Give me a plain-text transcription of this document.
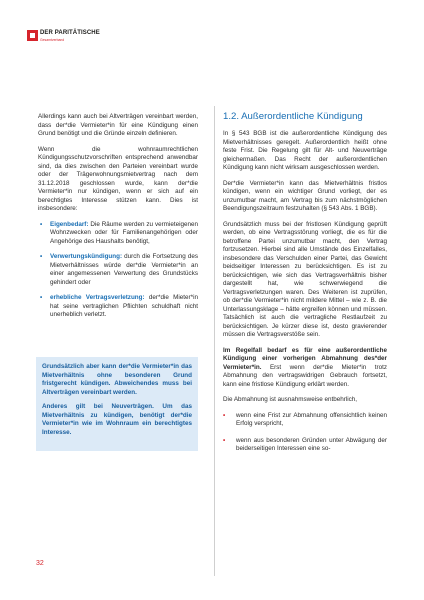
DER PARITÄTISCHE
Gesamtverband

Allerdings kann auch bei Altverträgen vereinbart werden, dass der*die Vermieter*in für eine Kündigung einen Grund benötigt und die Gründe einzeln definieren.

Wenn die wohnraumrechtlichen Kündigungsschutzvorschriften entsprechend anwendbar sind, da dies zwischen den Parteien vereinbart wurde oder der Trägerwohnungsmietvertrag nach dem 31.12.2018 geschlossen wurde, kann der*die Vermieter*in nur kündigen, wenn er sich auf ein berechtigtes Interesse stützen kann. Dies ist insbesondere:

• Eigenbedarf: Die Räume werden zu vermieteigenen Wohnzwecken oder für Familienangehörigen oder Angehörige des Haushalts benötigt,
• Verwertungskündigung: durch die Fortsetzung des Mietverhältnisses würde der*die Vermieter*in an einer angemessenen Verwertung des Grundstücks gehindert oder
• erhebliche Vertragsverletzung: der*die Mieter*in hat seine vertraglichen Pflichten schuldhaft nicht unerheblich verletzt.

Grundsätzlich aber kann der*die Vermieter*in das Mietverhältnis ohne besonderen Grund fristgerecht kündigen. Abweichendes muss bei Altverträgen vereinbart werden.

Anderes gilt bei Neuverträgen. Um das Mietverhältnis zu kündigen, benötigt der*die Vermieter*in wie im Wohnraum ein berechtigtes Interesse.

1.2. Außerordentliche Kündigung

In § 543 BGB ist die außerordentliche Kündigung des Mietverhältnisses geregelt. Außerordentlich heißt ohne feste Frist. Die Regelung gilt für Alt- und Neuverträge gleichermaßen. Das Recht der außerordentlichen Kündigung kann nicht wirksam ausgeschlossen werden.

Der*die Vermieter*in kann das Mietverhältnis fristlos kündigen, wenn ein wichtiger Grund vorliegt, der es unzumutbar macht, am Vertrag bis zum nächstmöglichen Beendigungszeitraum festzuhalten (§ 543 Abs. 1 BGB).

Grundsätzlich muss bei der fristlosen Kündigung geprüft werden, ob eine Vertragsstörung vorliegt, die es für die betroffene Partei unzumutbar macht, den Vertrag fortzusetzen. Hierbei sind alle Umstände des Einzelfalles, insbesondere das Verschulden einer Partei, das Gewicht beidseitiger Interessen zu berücksichtigen. Es ist zu berücksichtigen, wie sich das Vertragsverhältnis bisher dargestellt hat, wie schwerwiegend die Vertragsverletzungen waren. Des Weiteren ist zuprüfen, ob der*die Vermieter*in nicht mildere Mittel – wie z. B. die Unterlassungsklage – hätte ergreifen können und müssen. Tatsächlich ist auch die vertragliche Restlaufzeit zu berücksichtigen. Je kürzer diese ist, desto gravierender müssen die Vertragsverstöße sein.

Im Regelfall bedarf es für eine außerordentliche Kündigung einer vorherigen Abmahnung des*der Vermieter*in. Erst wenn der*die Mieter*in trotz Abmahnung den vertragswidrigen Gebrauch fortsetzt, kann eine fristlose Kündigung erklärt werden.

Die Abmahnung ist ausnahmsweise entbehrlich,

• wenn eine Frist zur Abmahnung offensichtlich keinen Erfolg verspricht,
• wenn aus besonderen Gründen unter Abwägung der beiderseitigen Interessen eine so-
32
